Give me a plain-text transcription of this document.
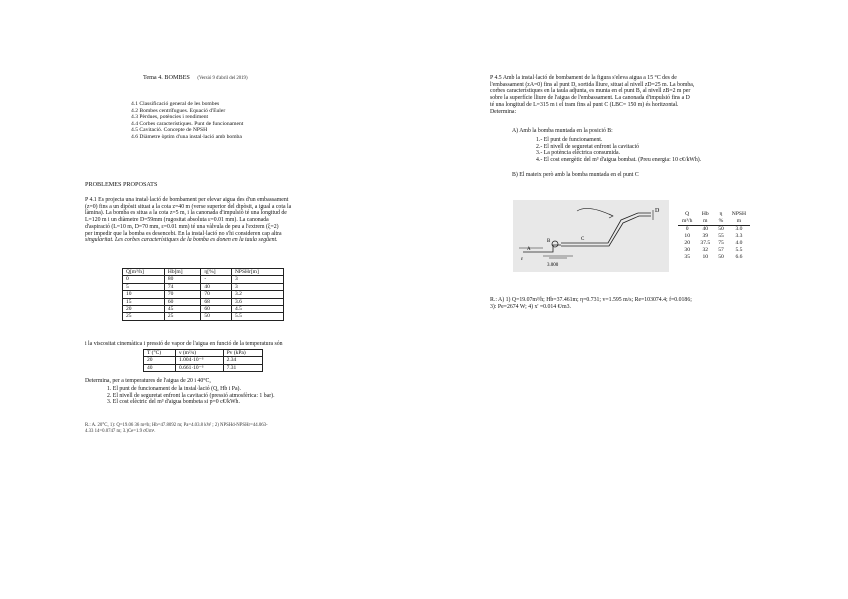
Tema 4. BOMBES (Versió 9 d'abril del 2019)
4.1 Classificació general de les bombes
4.2 Bombes centrífugues. Equació d'Euler
4.3 Pèrdues, potències i rendiment
4.4 Corbes característiques. Punt de funcionament
4.5 Cavitació. Concepte de NPSH
4.6 Diàmetre òptim d'una instal·lació amb bomba
PROBLEMES PROPOSATS
P 4.1 Es projecta una instal·lació de bombament per elevar aigua des d'un embassament
(z=0) fins a un dipòsit situat a la cota z=40 m (verse superior del dipòsit, a igual a cota la
làmina). La bomba es situa a la cota z=5 m, i la canonada d'impulsió té una longitud de
L=120 m i un diàmetre D=59mm (rugositat absoluta ε=0.01 mm). La canonada
d'aspiració (L=10 m, D=70 mm, ε=0.01 mm) té una vàlvula de peu a l'extrem (ξ=2)
per impedir que la bomba es desencebi. En la instal·lació no s'hi consideren cap altra
singularitat. Les corbes característiques de la bomba es donen en la taula següent.
Q[m³/h]	Hb[m]	η[%]	NPSHr[m]
0	80	-	3
5	74	40	3
10	70	70	3.2
15	60	68	3.6
20	45	60	4.5
25	25	50	5.5
i la viscositat cinemàtica i pressió de vapor de l'aigua en funció de la temperatura són
T (°C)	ν (m²/s)	Pv (kPa)
20	1.004·10⁻⁶	2.34
40	0.661·10⁻⁶	7.31
Determina, per a temperatures de l'aigua de 20 i 40°C,
1. El punt de funcionament de la instal·lació (Q, Hb i Pa).
2. El nivell de seguretat enfront la cavitació (pressió atmosfèrica: 1 bar).
3. El cost elèctric del m³ d'aigua bombeta si p=0 c€/kWh.
R.: A. 20°C, 1): Q=19.06 36 m³/h; Hb=47.8092 m; Pa=4.03.8 kW ; 2) NPSHd-NPSHr=44.063-
4.33 14=0.0747 m; 3.)Ce=1.9 c€/m³.
P 4.5 Amb la instal·lació de bombament de la figura s'eleva aigua a 15 °C des de
l'embassament (zA=0) fins al punt D, sortida lliure, situat al nivell zD=25 m. La bomba,
corbes característiques en la taula adjunta, es munta en el punt B, al nivell zB=2 m per
sobre la superfície lliure de l'aigua de l'embassament. La canonada d'impulsió fins a D
té una longitud de L=315 m i el tram fins al punt C (LBC= 150 m) és horitzontal.
Determina:
A) Amb la bomba muntada en la posició B:
1.- El punt de funcionament.
2.- El nivell de seguretat enfront la cavitació
3.- La potència elèctrica consumida.
4.- El cost energètic del m³ d'aigua bombat. (Preu energia: 10 c€/kWh).
B) El mateix però amb la bomba muntada en el punt C
D
C
B
A
ε
3.000
Q	Hb	η	NPSH
m³/h	m	%	m
0	40	50	3.0
10	39	55	3.3
20	37.5	75	4.0
30	32	57	5.5
35	10	50	6.6
R.: A) 1) Q=19.07m³/h; Hb=37.461m; η=0.731; v=1.595 m/s; Re=103074.4; f=0.0186;
3): Pe=2674 W; 4) x' =0.014 €/m3.
